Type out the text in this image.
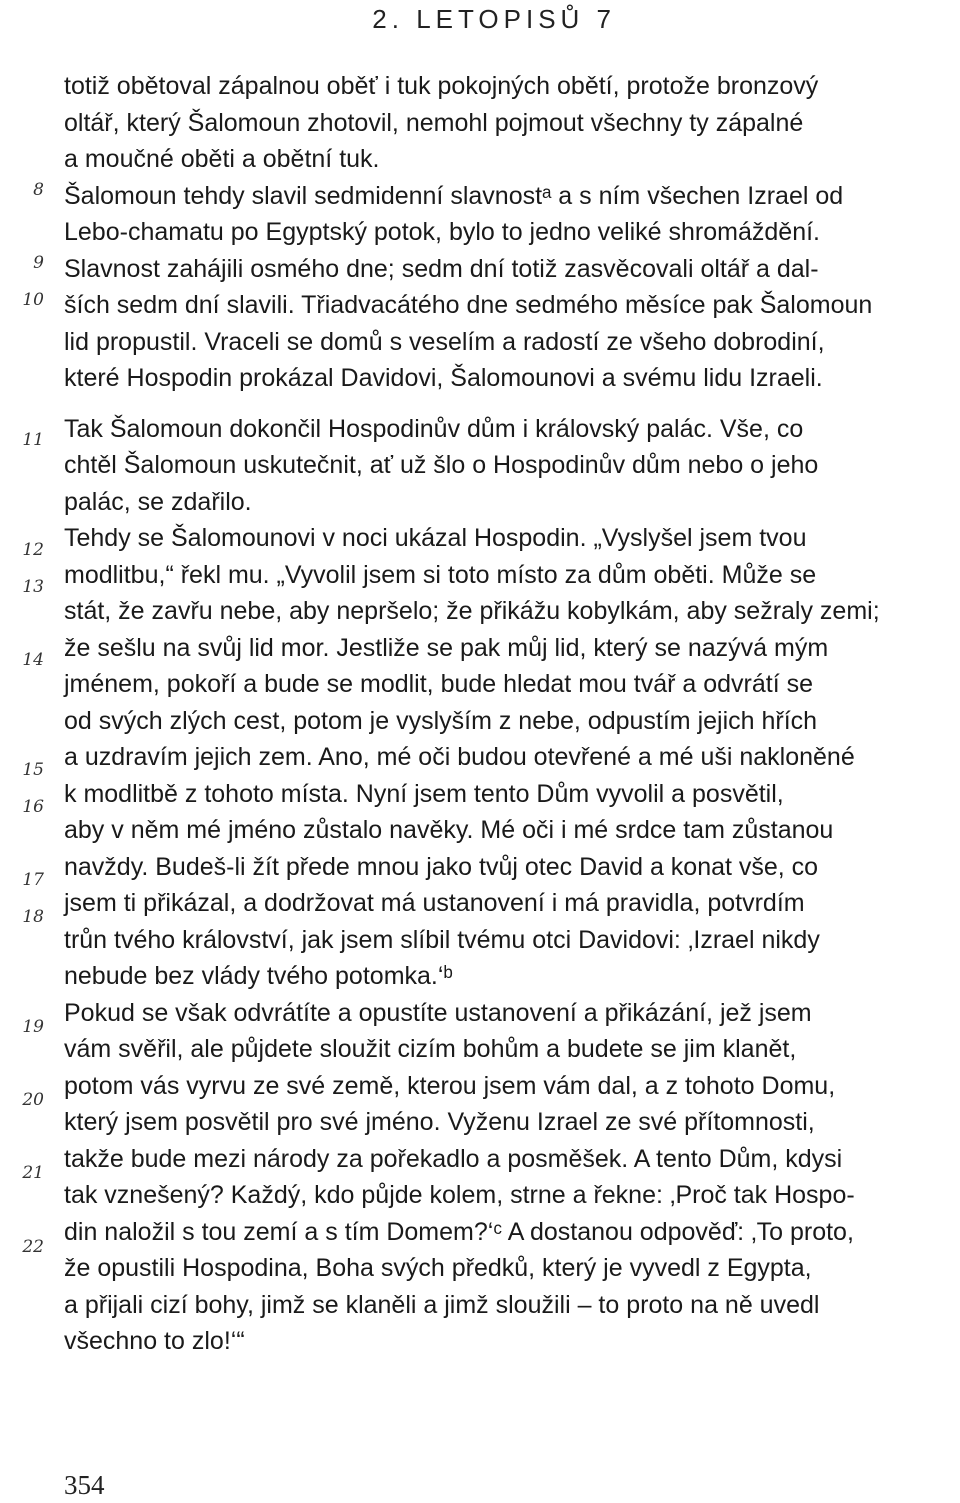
2. LETOPISŮ 7
8
9
10
11
12
13
14
15
16
17
18
19
20
21
22
totiž obětoval zápalnou oběť i tuk pokojných obětí, protože bronzový
oltář, který Šalomoun zhotovil, nemohl pojmout všechny ty zápalné
a moučné oběti a obětní tuk.
Šalomoun tehdy slavil sedmidenní slavnostᵃ a s ním všechen Izrael od
Lebo-chamatu po Egyptský potok, bylo to jedno veliké shromáždění.
Slavnost zahájili osmého dne; sedm dní totiž zasvěcovali oltář a dal-
ších sedm dní slavili. Třiadvacátého dne sedmého měsíce pak Šalomoun
lid propustil. Vraceli se domů s veselím a radostí ze všeho dobrodiní,
které Hospodin prokázal Davidovi, Šalomounovi a svému lidu Izraeli.
Tak Šalomoun dokončil Hospodinův dům i královský palác. Vše, co
chtěl Šalomoun uskutečnit, ať už šlo o Hospodinův dům nebo o jeho
palác, se zdařilo.
Tehdy se Šalomounovi v noci ukázal Hospodin. „Vyslyšel jsem tvou
modlitbu,“ řekl mu. „Vyvolil jsem si toto místo za dům oběti. Může se
stát, že zavřu nebe, aby nepršelo; že přikážu kobylkám, aby sežraly zemi;
že sešlu na svůj lid mor. Jestliže se pak můj lid, který se nazývá mým
jménem, pokoří a bude se modlit, bude hledat mou tvář a odvrátí se
od svých zlých cest, potom je vyslyším z nebe, odpustím jejich hřích
a uzdravím jejich zem. Ano, mé oči budou otevřené a mé uši nakloněné
k modlitbě z tohoto místa. Nyní jsem tento Dům vyvolil a posvětil,
aby v něm mé jméno zůstalo navěky. Mé oči i mé srdce tam zůstanou
navždy. Budeš-li žít přede mnou jako tvůj otec David a konat vše, co
jsem ti přikázal, a dodržovat má ustanovení i má pravidla, potvrdím
trůn tvého království, jak jsem slíbil tvému otci Davidovi: ‚Izrael nikdy
nebude bez vlády tvého potomka.‘ᵇ
Pokud se však odvrátíte a opustíte ustanovení a přikázání, jež jsem
vám svěřil, ale půjdete sloužit cizím bohům a budete se jim klanět,
potom vás vyrvu ze své země, kterou jsem vám dal, a z tohoto Domu,
který jsem posvětil pro své jméno. Vyženu Izrael ze své přítomnosti,
takže bude mezi národy za pořekadlo a posměšek. A tento Dům, kdysi
tak vznešený? Každý, kdo půjde kolem, strne a řekne: ‚Proč tak Hospo-
din naložil s tou zemí a s tím Domem?‘ᶜ A dostanou odpověď: ‚To proto,
že opustili Hospodina, Boha svých předků, který je vyvedl z Egypta,
a přijali cizí bohy, jimž se klaněli a jimž sloužili – to proto na ně uvedl
všechno to zlo!‘“
354
